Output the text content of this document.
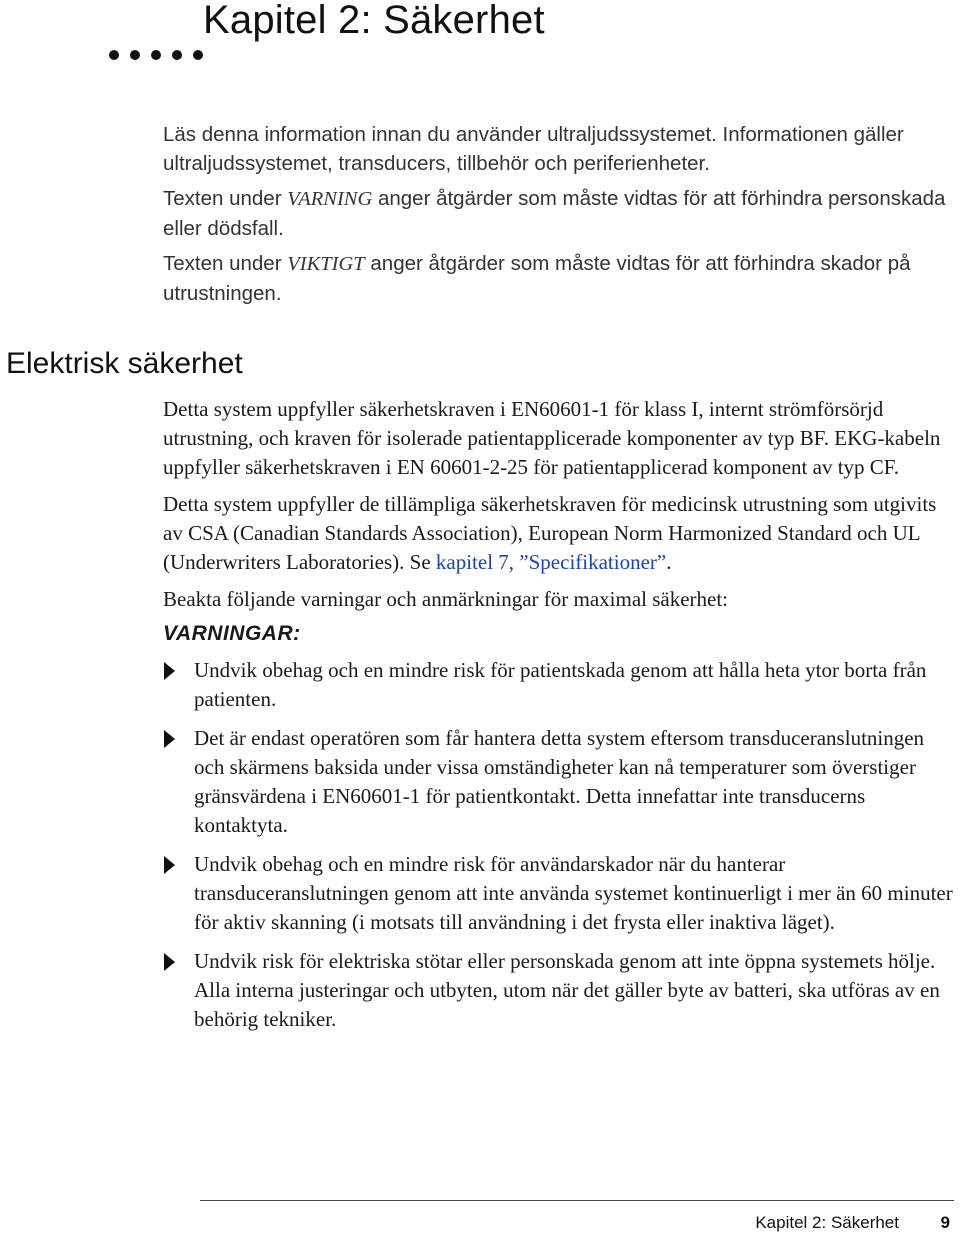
Kapitel 2: Säkerhet

Läs denna information innan du använder ultraljudssystemet. Informationen gäller ultraljudssystemet, transducers, tillbehör och periferienheter.

Texten under VARNING anger åtgärder som måste vidtas för att förhindra personskada eller dödsfall.

Texten under VIKTIGT anger åtgärder som måste vidtas för att förhindra skador på utrustningen.

Elektrisk säkerhet

Detta system uppfyller säkerhetskraven i EN60601-1 för klass I, internt strömförsörjd utrustning, och kraven för isolerade patientapplicerade komponenter av typ BF. EKG-kabeln uppfyller säkerhetskraven i EN 60601-2-25 för patientapplicerad komponent av typ CF.

Detta system uppfyller de tillämpliga säkerhetskraven för medicinsk utrustning som utgivits av CSA (Canadian Standards Association), European Norm Harmonized Standard och UL (Underwriters Laboratories). Se kapitel 7, ”Specifikationer”.

Beakta följande varningar och anmärkningar för maximal säkerhet:

VARNINGAR:
Undvik obehag och en mindre risk för patientskada genom att hålla heta ytor borta från patienten.
Det är endast operatören som får hantera detta system eftersom transduceranslutningen och skärmens baksida under vissa omständigheter kan nå temperaturer som överstiger gränsvärdena i EN60601-1 för patientkontakt. Detta innefattar inte transducerns kontaktyta.
Undvik obehag och en mindre risk för användarskador när du hanterar transduceranslutningen genom att inte använda systemet kontinuerligt i mer än 60 minuter för aktiv skanning (i motsats till användning i det frysta eller inaktiva läget).
Undvik risk för elektriska stötar eller personskada genom att inte öppna systemets hölje. Alla interna justeringar och utbyten, utom när det gäller byte av batteri, ska utföras av en behörig tekniker.
Kapitel 2: Säkerhet 9
